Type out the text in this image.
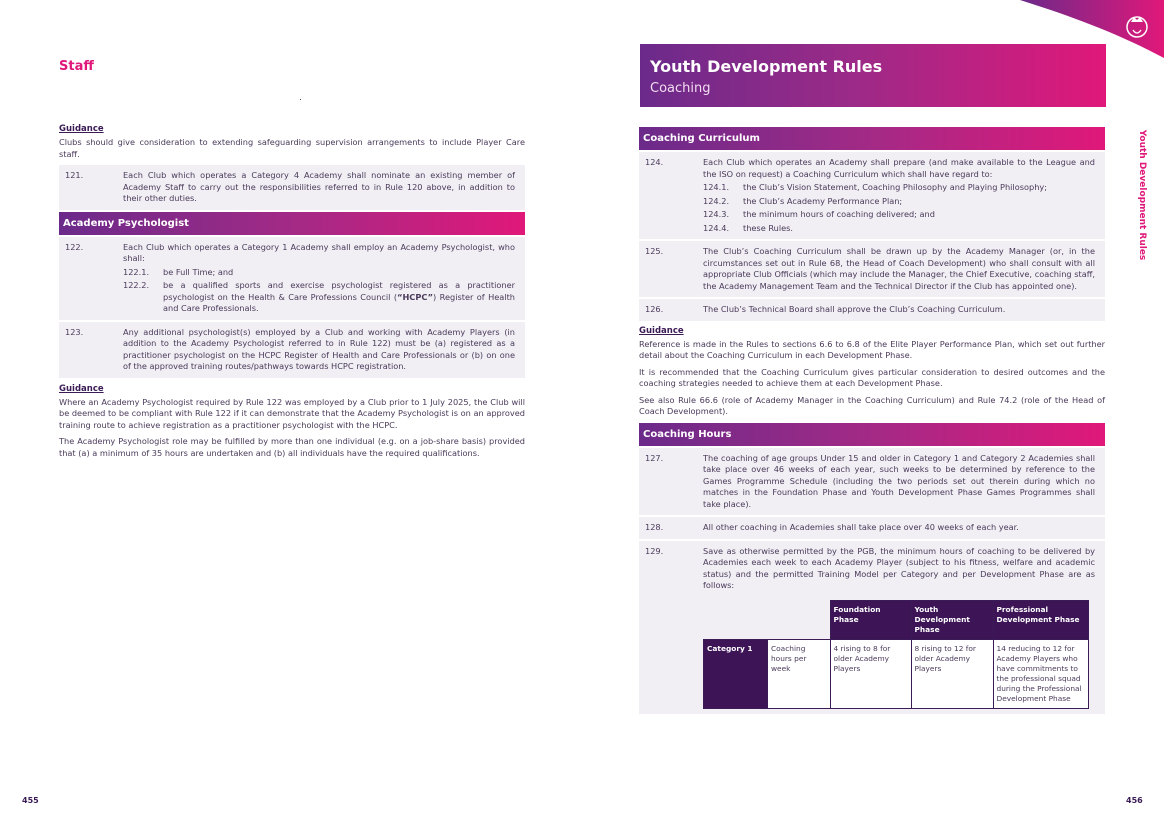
Staff
Guidance
Clubs should give consideration to extending safeguarding supervision arrangements to include Player Care staff.
121.	Each Club which operates a Category 4 Academy shall nominate an existing member of Academy Staff to carry out the responsibilities referred to in Rule 120 above, in addition to their other duties.
Academy Psychologist
122.	Each Club which operates a Category 1 Academy shall employ an Academy Psychologist, who shall:
122.1.	be Full Time; and
122.2.	be a qualified sports and exercise psychologist registered as a practitioner psychologist on the Health & Care Professions Council (“HCPC”) Register of Health and Care Professionals.
123.	Any additional psychologist(s) employed by a Club and working with Academy Players (in addition to the Academy Psychologist referred to in Rule 122) must be (a) registered as a practitioner psychologist on the HCPC Register of Health and Care Professionals or (b) on one of the approved training routes/pathways towards HCPC registration.
Guidance
Where an Academy Psychologist required by Rule 122 was employed by a Club prior to 1 July 2025, the Club will be deemed to be compliant with Rule 122 if it can demonstrate that the Academy Psychologist is on an approved training route to achieve registration as a practitioner psychologist with the HCPC.
The Academy Psychologist role may be fulfilled by more than one individual (e.g. on a job-share basis) provided that (a) a minimum of 35 hours are undertaken and (b) all individuals have the required qualifications.
455
Youth Development Rules
Coaching
Youth Development Rules
Coaching Curriculum
124.	Each Club which operates an Academy shall prepare (and make available to the League and the ISO on request) a Coaching Curriculum which shall have regard to:
124.1.	the Club’s Vision Statement, Coaching Philosophy and Playing Philosophy;
124.2.	the Club’s Academy Performance Plan;
124.3.	the minimum hours of coaching delivered; and
124.4.	these Rules.
125.	The Club’s Coaching Curriculum shall be drawn up by the Academy Manager (or, in the circumstances set out in Rule 68, the Head of Coach Development) who shall consult with all appropriate Club Officials (which may include the Manager, the Chief Executive, coaching staff, the Academy Management Team and the Technical Director if the Club has appointed one).
126.	The Club’s Technical Board shall approve the Club’s Coaching Curriculum.
Guidance
Reference is made in the Rules to sections 6.6 to 6.8 of the Elite Player Performance Plan, which set out further detail about the Coaching Curriculum in each Development Phase.
It is recommended that the Coaching Curriculum gives particular consideration to desired outcomes and the coaching strategies needed to achieve them at each Development Phase.
See also Rule 66.6 (role of Academy Manager in the Coaching Curriculum) and Rule 74.2 (role of the Head of Coach Development).
Coaching Hours
127.	The coaching of age groups Under 15 and older in Category 1 and Category 2 Academies shall take place over 46 weeks of each year, such weeks to be determined by reference to the Games Programme Schedule (including the two periods set out therein during which no matches in the Foundation Phase and Youth Development Phase Games Programmes shall take place).
128.	All other coaching in Academies shall take place over 40 weeks of each year.
129.	Save as otherwise permitted by the PGB, the minimum hours of coaching to be delivered by Academies each week to each Academy Player (subject to his fitness, welfare and academic status) and the permitted Training Model per Category and per Development Phase are as follows:
		Foundation Phase	Youth Development Phase	Professional Development Phase
Category 1	Coaching hours per week	4 rising to 8 for older Academy Players	8 rising to 12 for older Academy Players	14 reducing to 12 for Academy Players who have commitments to the professional squad during the Professional Development Phase
456
